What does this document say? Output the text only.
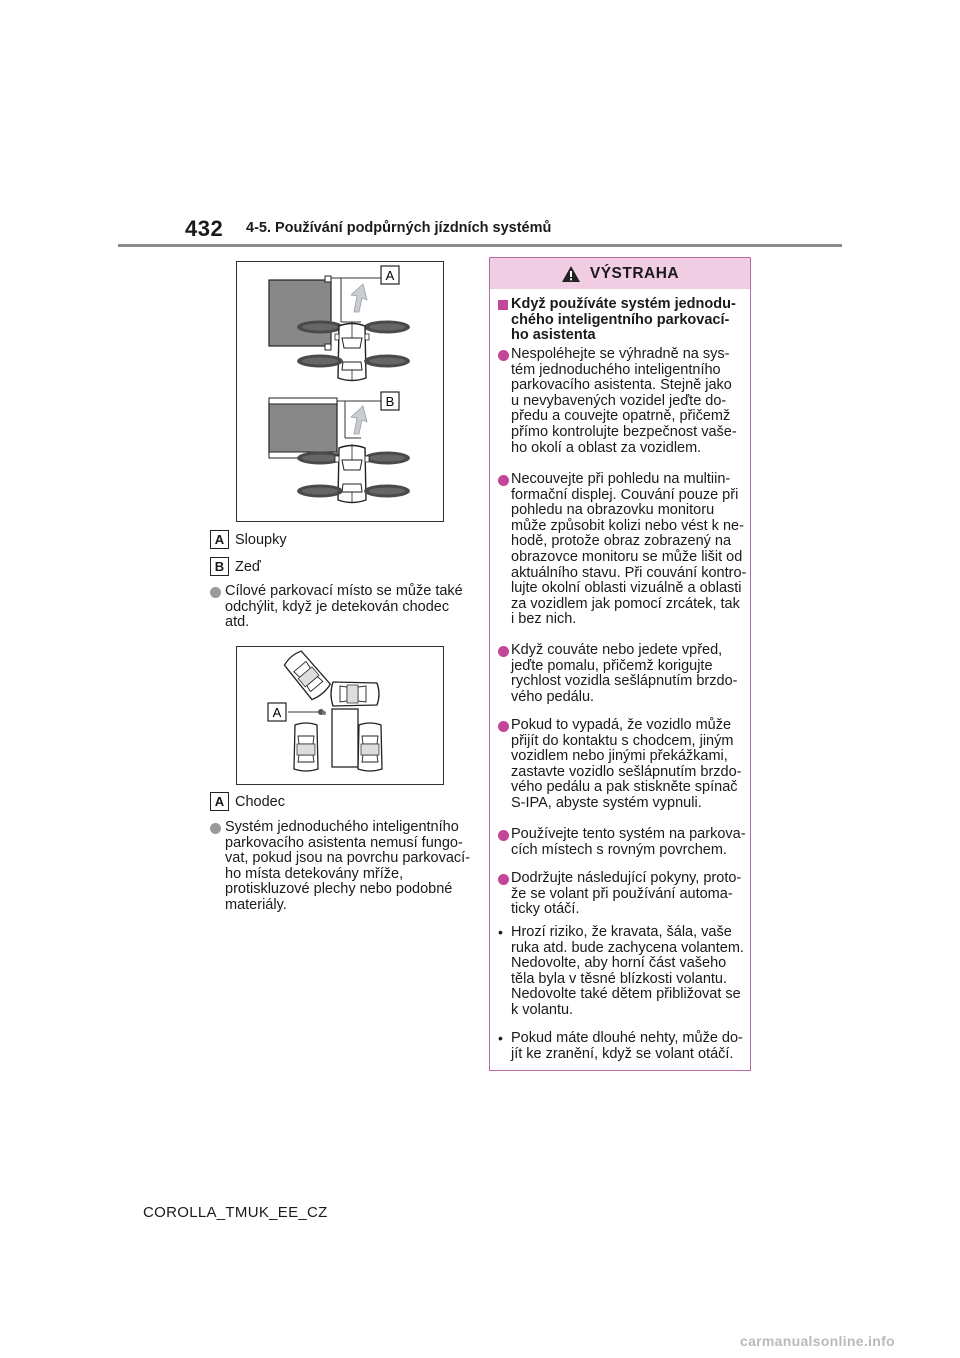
432 4-5. Používání podpůrných jízdních systémů
A
B
A Sloupky
B Zeď
Cílové parkovací místo se může také
odchýlit, když je detekován chodec
atd.
A
A Chodec
Systém jednoduchého inteligentního
parkovacího asistenta nemusí fungo-
vat, pokud jsou na povrchu parkovací-
ho místa detekovány mříže,
protiskluzové plechy nebo podobné
materiály.
VÝSTRAHA
Když používáte systém jednodu-
chého inteligentního parkovací-
ho asistenta
Nespoléhejte se výhradně na sys-
tém jednoduchého inteligentního
parkovacího asistenta. Stejně jako
u nevybavených vozidel jeďte do-
předu a couvejte opatrně, přičemž
přímo kontrolujte bezpečnost vaše-
ho okolí a oblast za vozidlem.
Necouvejte při pohledu na multiin-
formační displej. Couvání pouze při
pohledu na obrazovku monitoru
může způsobit kolizi nebo vést k ne-
hodě, protože obraz zobrazený na
obrazovce monitoru se může lišit od
aktuálního stavu. Při couvání kontro-
lujte okolní oblasti vizuálně a oblasti
za vozidlem jak pomocí zrcátek, tak
i bez nich.
Když couváte nebo jedete vpřed,
jeďte pomalu, přičemž korigujte
rychlost vozidla sešlápnutím brzdo-
vého pedálu.
Pokud to vypadá, že vozidlo může
přijít do kontaktu s chodcem, jiným
vozidlem nebo jinými překážkami,
zastavte vozidlo sešlápnutím brzdo-
vého pedálu a pak stiskněte spínač
S-IPA, abyste systém vypnuli.
Používejte tento systém na parkova-
cích místech s rovným povrchem.
Dodržujte následující pokyny, proto-
že se volant při používání automa-
ticky otáčí.
• Hrozí riziko, že kravata, šála, vaše
ruka atd. bude zachycena volantem.
Nedovolte, aby horní část vašeho
těla byla v těsné blízkosti volantu.
Nedovolte také dětem přibližovat se
k volantu.
• Pokud máte dlouhé nehty, může do-
jít ke zranění, když se volant otáčí.
COROLLA_TMUK_EE_CZ
carmanualsonline.info
